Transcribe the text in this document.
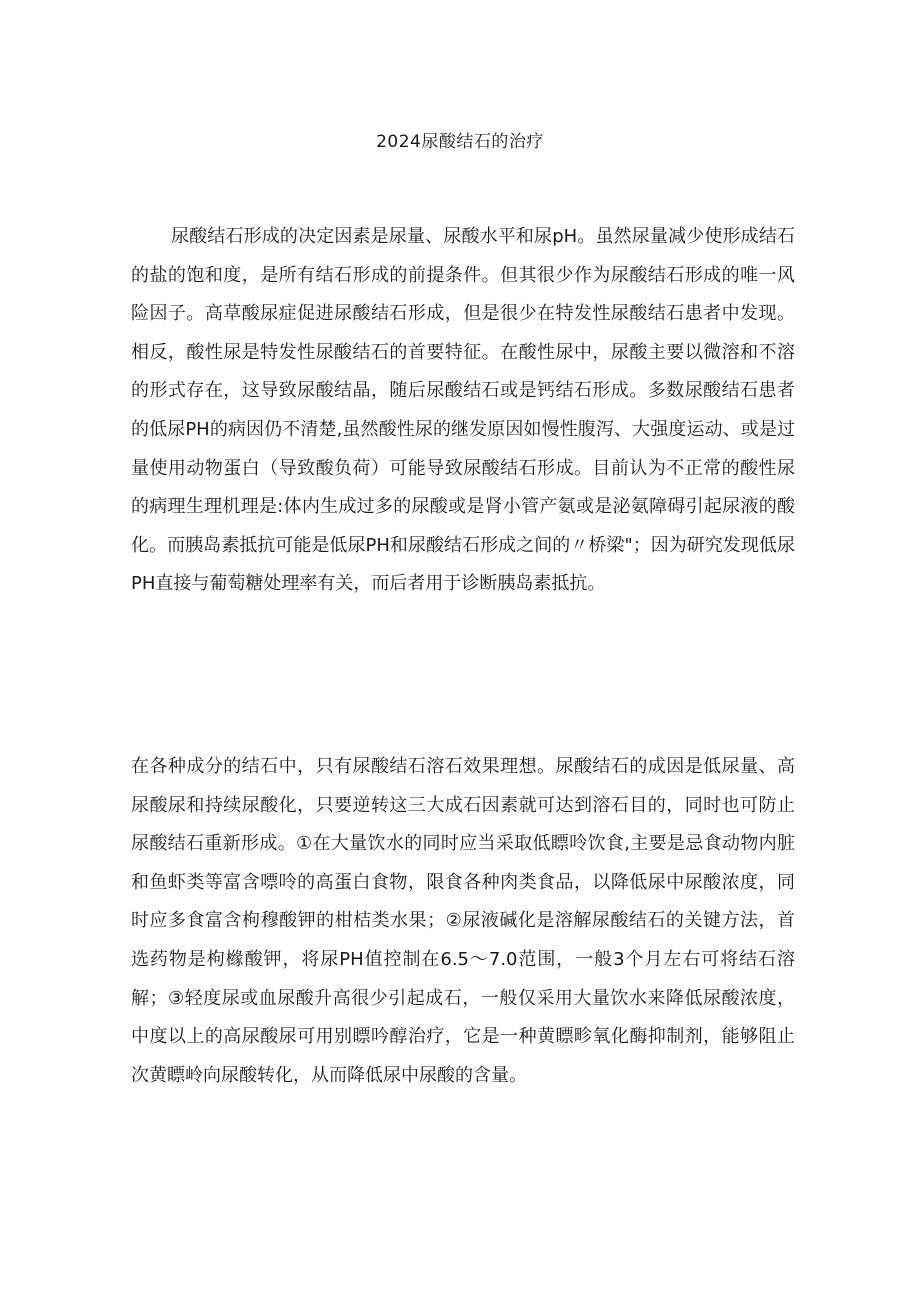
2024尿酸结石的治疗

尿酸结石形成的决定因素是尿量、尿酸水平和尿pH。虽然尿量减少使形成结石的盐的饱和度，是所有结石形成的前提条件。但其很少作为尿酸结石形成的唯一风险因子。高草酸尿症促进尿酸结石形成，但是很少在特发性尿酸结石患者中发现。相反，酸性尿是特发性尿酸结石的首要特征。在酸性尿中，尿酸主要以微溶和不溶的形式存在，这导致尿酸结晶，随后尿酸结石或是钙结石形成。多数尿酸结石患者的低尿PH的病因仍不清楚,虽然酸性尿的继发原因如慢性腹泻、大强度运动、或是过量使用动物蛋白（导致酸负荷）可能导致尿酸结石形成。目前认为不正常的酸性尿的病理生理机理是:体内生成过多的尿酸或是肾小管产氨或是泌氨障碍引起尿液的酸化。而胰岛素抵抗可能是低尿PH和尿酸结石形成之间的〃桥梁"；因为研究发现低尿PH直接与葡萄糖处理率有关，而后者用于诊断胰岛素抵抗。

在各种成分的结石中，只有尿酸结石溶石效果理想。尿酸结石的成因是低尿量、高尿酸尿和持续尿酸化，只要逆转这三大成石因素就可达到溶石目的，同时也可防止尿酸结石重新形成。①在大量饮水的同时应当采取低瞟呤饮食,主要是忌食动物内脏和鱼虾类等富含嘌呤的高蛋白食物，限食各种肉类食品，以降低尿中尿酸浓度，同时应多食富含枸穆酸钾的柑桔类水果；②尿液碱化是溶解尿酸结石的关键方法，首选药物是枸橼酸钾，将尿PH值控制在6.5〜7.0范围，一般3个月左右可将结石溶解；③轻度尿或血尿酸升高很少引起成石，一般仅采用大量饮水来降低尿酸浓度，中度以上的高尿酸尿可用别瞟吟醇治疗，它是一种黄瞟畛氧化酶抑制剂，能够阻止次黄瞟岭向尿酸转化，从而降低尿中尿酸的含量。
